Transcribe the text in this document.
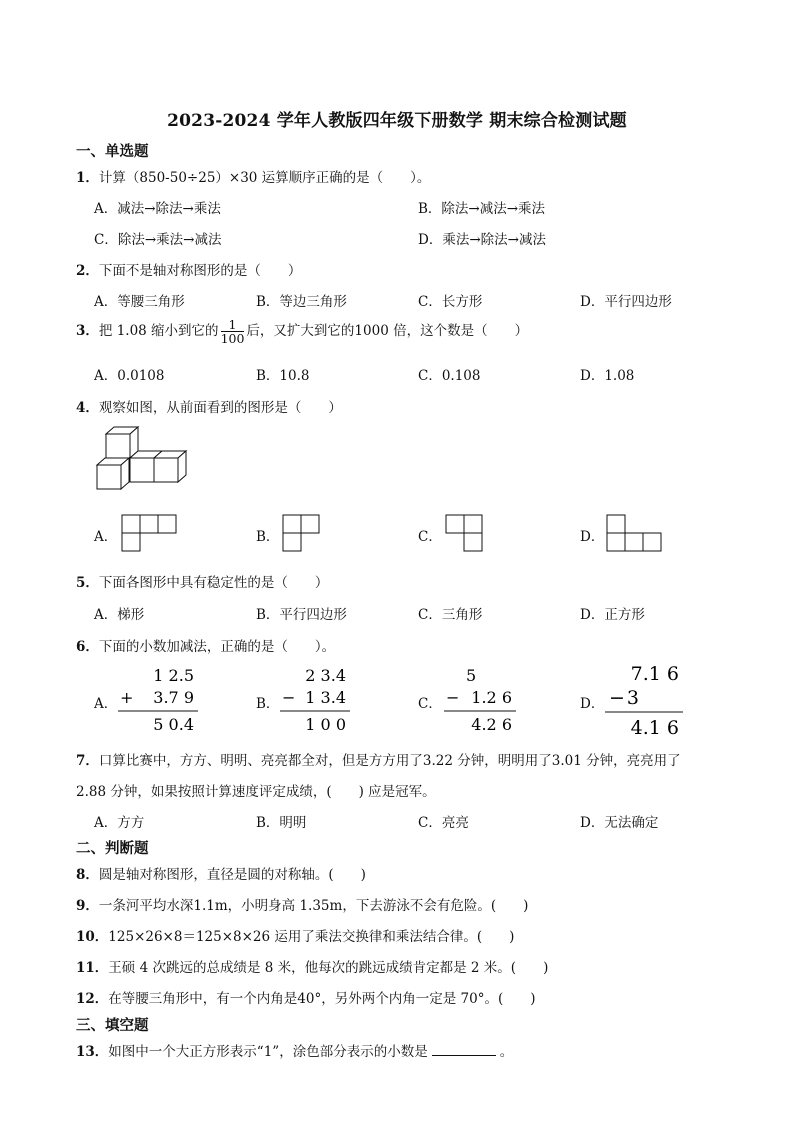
2023-2024 学年人教版四年级下册数学 期末综合检测试题
一、单选题
1．计算（850-50÷25）×30 运算顺序正确的是（　　）。
A．减法→除法→乘法	B．除法→减法→乘法
C．除法→乘法→减法	D．乘法→除法→减法
2．下面不是轴对称图形的是（　　）
A．等腰三角形	B．等边三角形	C．长方形	D．平行四边形
3．把 1.08 缩小到它的 $\frac{1}{100}$ 后，又扩大到它的1000 倍，这个数是（　　）
A．0.0108	B．10.8	C．0.108	D．1.08
4．观察如图，从前面看到的图形是（　　）
A．	B．	C．	D．
5．下面各图形中具有稳定性的是（　　）
A．梯形	B．平行四边形	C．三角形	D．正方形
6．下面的小数加减法，正确的是（　　）。
A．
1 2.5
+ 3.7 9
5 0.4
B．
2 3.4
− 1 3.4
1 0 0
C．
5
− 1.2 6
4.2 6
D．
7.1 6
− 3
4.1 6
7．口算比赛中，方方、明明、亮亮都全对，但是方方用了3.22 分钟，明明用了3.01 分钟，亮亮用了
2.88 分钟，如果按照计算速度评定成绩，(　　) 应是冠军。
A．方方	B．明明	C．亮亮	D．无法确定
二、判断题
8．圆是轴对称图形，直径是圆的对称轴。(　　)
9．一条河平均水深1.1m，小明身高 1.35m，下去游泳不会有危险。(　　)
10．125×26×8＝125×8×26 运用了乘法交换律和乘法结合律。(　　)
11．王硕 4 次跳远的总成绩是 8 米，他每次的跳远成绩肯定都是 2 米。(　　)
12．在等腰三角形中，有一个内角是40°，另外两个内角一定是 70°。(　　)
三、填空题
13．如图中一个大正方形表示“1”，涂色部分表示的小数是	。
